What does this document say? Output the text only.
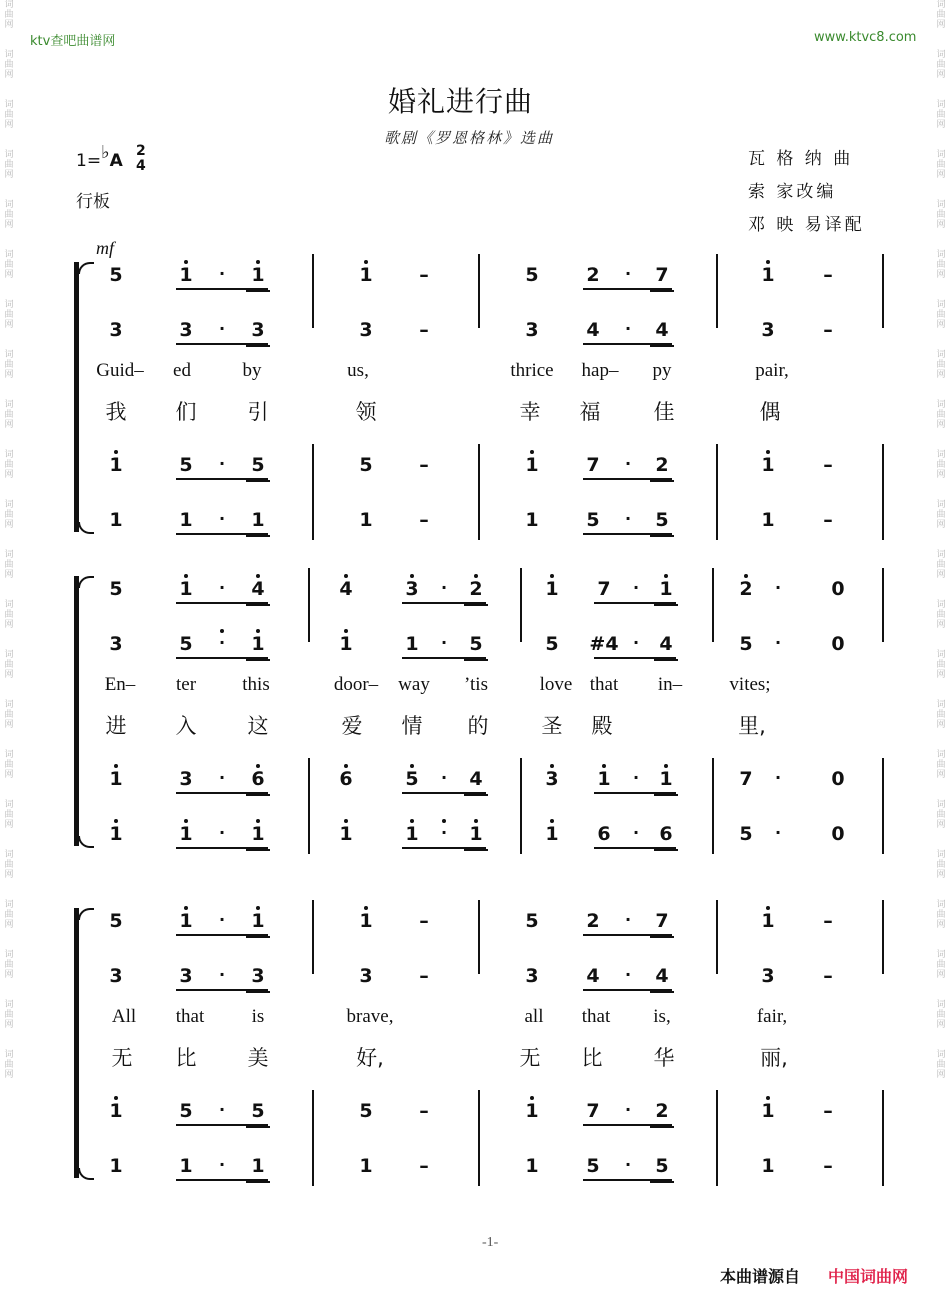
词
曲
网
词
曲
网
词
曲
网
词
曲
网
词
曲
网
词
曲
网
词
曲
网
词
曲
网
词
曲
网
词
曲
网
词
曲
网
词
曲
网
词
曲
网
词
曲
网
词
曲
网
词
曲
网
词
曲
网
词
曲
网
词
曲
网
词
曲
网
词
曲
网
词
曲
网
词
曲
网
词
曲
网
词
曲
网
词
曲
网
词
曲
网
词
曲
网
词
曲
网
词
曲
网
词
曲
网
词
曲
网
词
曲
网
词
曲
网
词
曲
网
词
曲
网
词
曲
网
词
曲
网
词
曲
网
词
曲
网
词
曲
网
词
曲
网
词
曲
网
词
曲
网
ktv查吧曲谱网	www.ktvc8.com
婚礼进行曲
歌剧《罗恩格林》选曲
1=♭A 2
4
行板
瓦 格 纳 曲
索 家改编
邓 映 易译配
mf
5	1 · 1	1 –	5	2 · 7	1	–
3	3 · 3	3 –	3	4 · 4	3	–
1	5 · 5	5 –	1	7 · 2	1	–
1	1 · 1	1 –	1	5 · 5	1	–
Guid– ed	by	us,	thrice hap– py	pair,
我 们 引	领	幸 福	佳	偶
5	1 · 4	4	3 · 2	1 7 · 1	2 ·	0
3	5 · 1	1	1 · 5	5 #4 · 4	5 ·	0
1	3 · 6	6	5 · 4	3 1 · 1	7 ·	0
1	1 · 1	1	1 · 1	1 6 · 6	5 ·	0
En– ter this	door– way ’tis	love that in– vites;
进 入 这	爱 情 的	圣 殿	里,
5	1 · 1	1 –	5	2 · 7	1	–
3	3 · 3	3 –	3	4 · 4	3	–
1	5 · 5	5 –	1	7 · 2	1	–
1	1 · 1	1 –	1	5 · 5	1	–
All that is	brave,	all that is,	fair,
无 比 美	好,	无 比 华	丽,
-1-
本曲谱源自 中国词曲网
